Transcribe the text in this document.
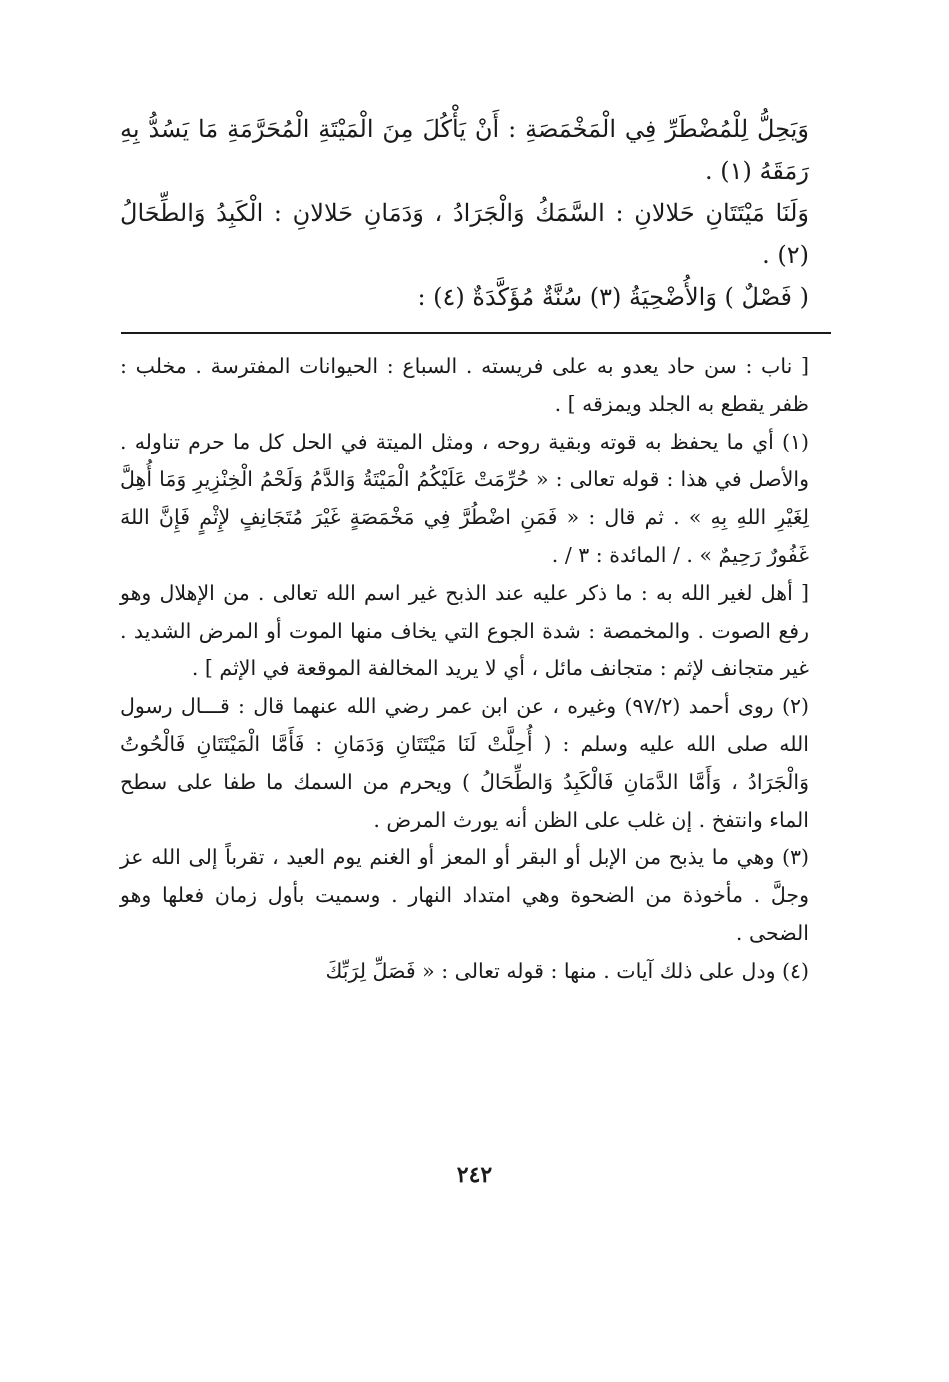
وَيَحِلُّ لِلْمُضْطَرِّ فِي الْمَخْمَصَةِ : أَنْ يَأْكُلَ مِنَ الْمَيْتَةِ الْمُحَرَّمَةِ مَا يَسُدُّ بِهِ رَمَقَهُ (١) .

وَلَنَا مَيْتَتَانِ حَلالانِ : السَّمَكُ وَالْجَرَادُ ، وَدَمَانِ حَلالانِ : الْكَبِدُ وَالطِّحَالُ (٢) .

( فَصْلٌ ) وَالأُضْحِيَةُ (٣) سُنَّةٌ مُؤَكَّدَةٌ (٤) :

[ ناب : سن حاد يعدو به على فريسته . السباع : الحيوانات المفترسة . مخلب : ظفر يقطع به الجلد ويمزقه ] .

(١) أي ما يحفظ به قوته وبقية روحه ، ومثل الميتة في الحل كل ما حرم تناوله . والأصل في هذا : قوله تعالى : « حُرِّمَتْ عَلَيْكُمُ الْمَيْتَةُ وَالدَّمُ وَلَحْمُ الْخِنْزِيرِ وَمَا أُهِلَّ لِغَيْرِ اللهِ بِهِ » . ثم قال : « فَمَنِ اضْطُرَّ فِي مَخْمَصَةٍ غَيْرَ مُتَجَانِفٍ لإِثْمٍ فَإِنَّ اللهَ غَفُورٌ رَحِيمٌ » . / المائدة : ٣ / .

[ أهل لغير الله به : ما ذكر عليه عند الذبح غير اسم الله تعالى . من الإهلال وهو رفع الصوت . والمخمصة : شدة الجوع التي يخاف منها الموت أو المرض الشديد . غير متجانف لإثم : متجانف مائل ، أي لا يريد المخالفة الموقعة في الإثم ] .

(٢) روى أحمد (٩٧/٢) وغيره ، عن ابن عمر رضي الله عنهما قال : قـــال رسول الله صلى الله عليه وسلم : ( أُحِلَّتْ لَنَا مَيْتَتَانِ وَدَمَانِ : فَأَمَّا الْمَيْتَتَانِ فَالْحُوتُ وَالْجَرَادُ ، وَأَمَّا الدَّمَانِ فَالْكَبِدُ وَالطِّحَالُ ) ويحرم من السمك ما طفا على سطح الماء وانتفخ . إن غلب على الظن أنه يورث المرض .

(٣) وهي ما يذبح من الإبل أو البقر أو المعز أو الغنم يوم العيد ، تقرباً إلى الله عز وجلَّ . مأخوذة من الضحوة وهي امتداد النهار . وسميت بأول زمان فعلها وهو الضحى .

(٤) ودل على ذلك آيات . منها : قوله تعالى : « فَصَلِّ لِرَبِّكَ

٢٤٢
